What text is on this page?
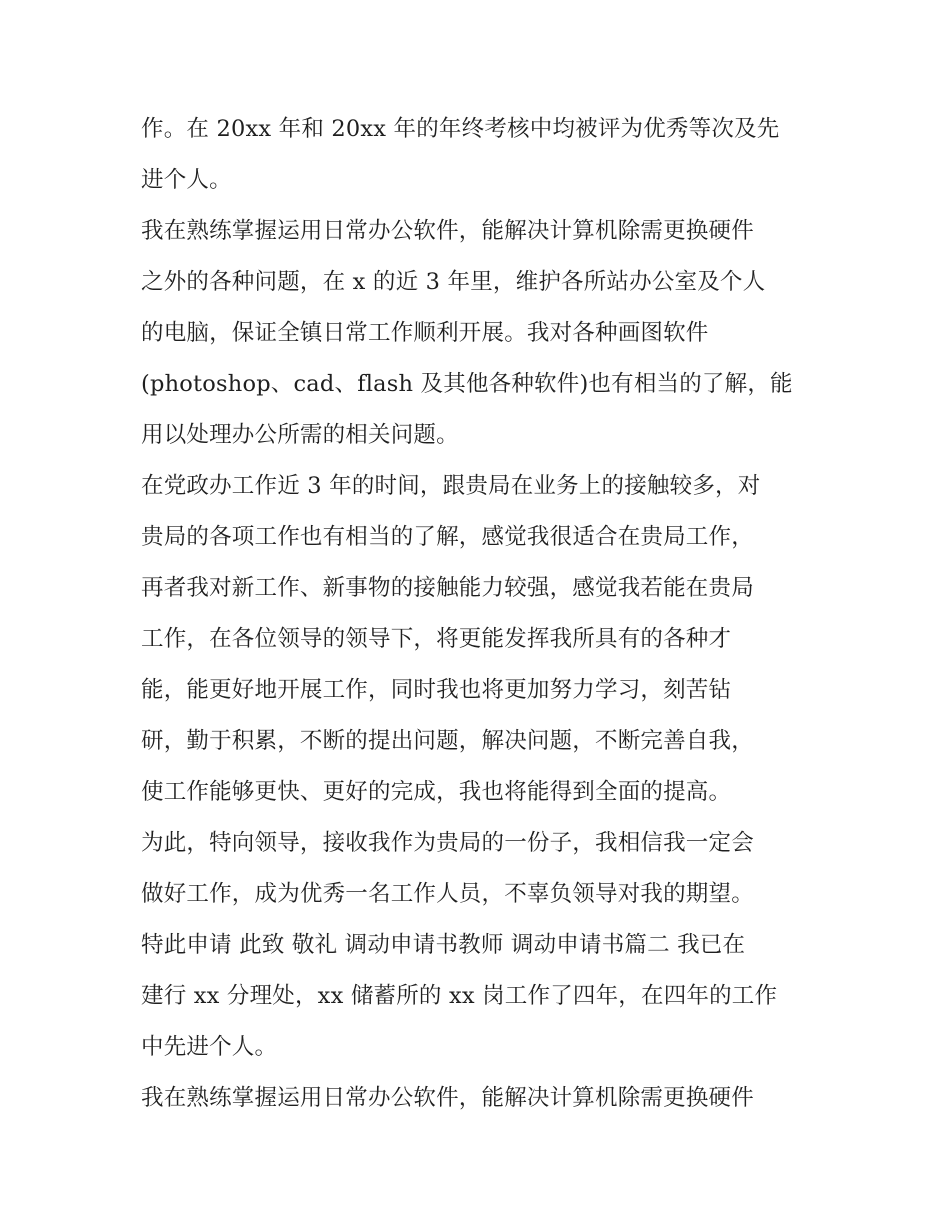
作。在 20xx 年和 20xx 年的年终考核中均被评为优秀等次及先
进个人。
我在熟练掌握运用日常办公软件，能解决计算机除需更换硬件
之外的各种问题，在 x 的近 3 年里，维护各所站办公室及个人
的电脑，保证全镇日常工作顺利开展。我对各种画图软件
(photoshop、cad、flash 及其他各种软件)也有相当的了解，能
用以处理办公所需的相关问题。
在党政办工作近 3 年的时间，跟贵局在业务上的接触较多，对
贵局的各项工作也有相当的了解，感觉我很适合在贵局工作，
再者我对新工作、新事物的接触能力较强，感觉我若能在贵局
工作，在各位领导的领导下，将更能发挥我所具有的各种才
能，能更好地开展工作，同时我也将更加努力学习，刻苦钻
研，勤于积累，不断的提出问题，解决问题，不断完善自我，
使工作能够更快、更好的完成，我也将能得到全面的提高。
为此，特向领导，接收我作为贵局的一份子，我相信我一定会
做好工作，成为优秀一名工作人员，不辜负领导对我的期望。
特此申请 此致 敬礼 调动申请书教师 调动申请书篇二 我已在
建行 xx 分理处，xx 储蓄所的 xx 岗工作了四年，在四年的工作
中先进个人。
我在熟练掌握运用日常办公软件，能解决计算机除需更换硬件
